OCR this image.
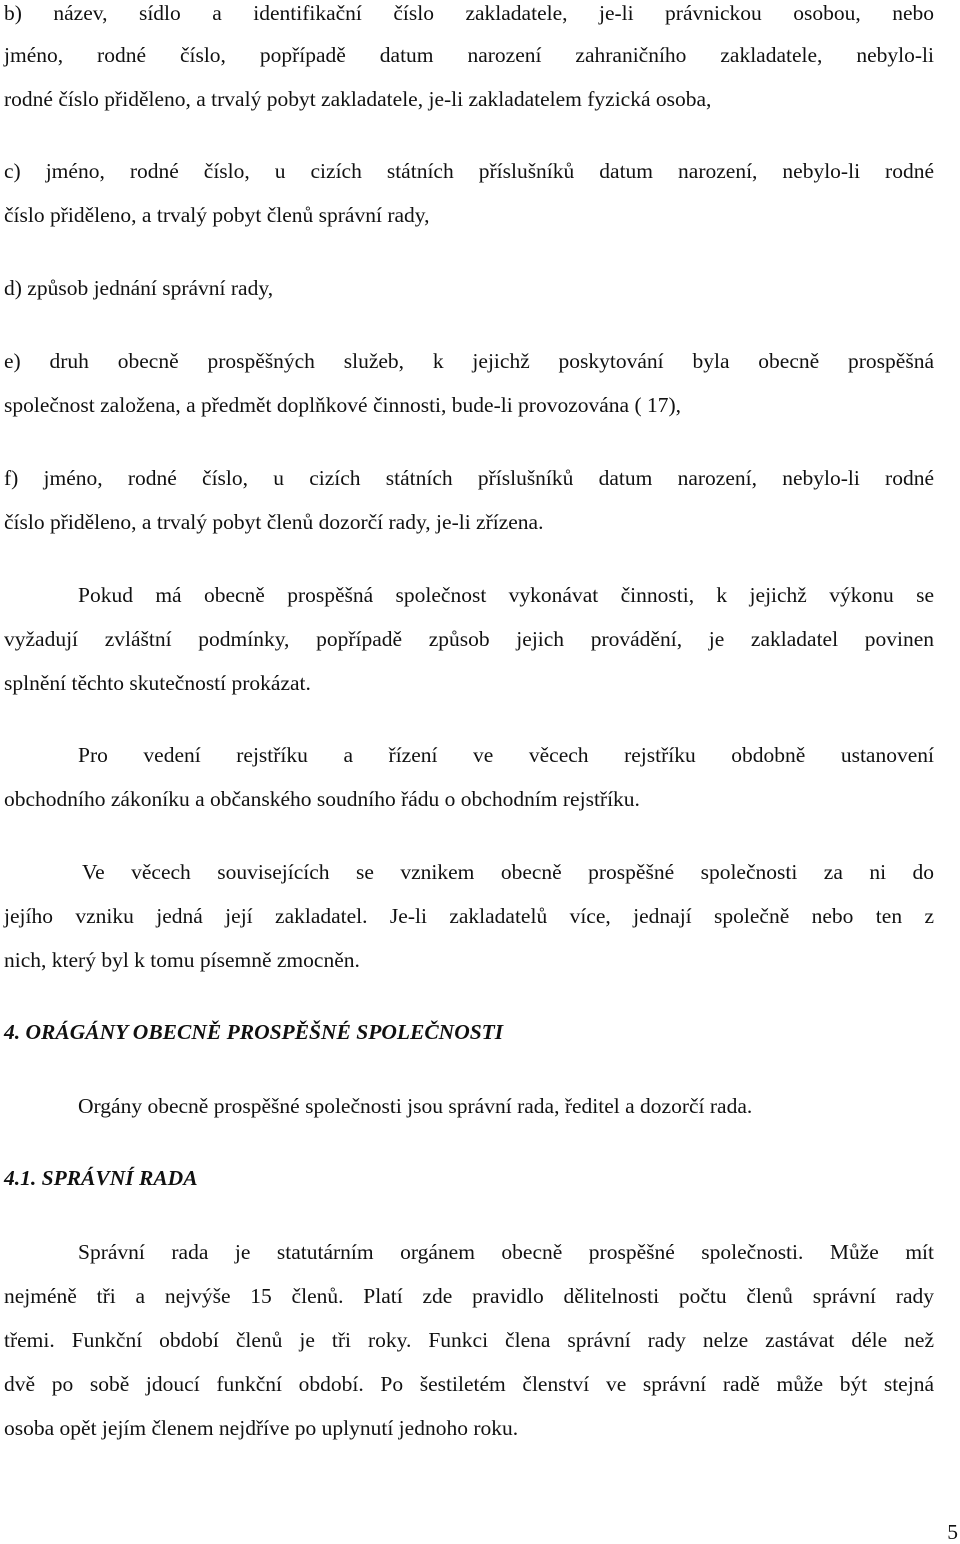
b) název, sídlo a identifikační číslo zakladatele, je-li právnickou osobou, nebo
jméno, rodné číslo, popřípadě datum narození zahraničního zakladatele, nebylo-li
rodné číslo přiděleno, a trvalý pobyt zakladatele, je-li zakladatelem fyzická osoba,
c) jméno, rodné číslo, u cizích státních příslušníků datum narození, nebylo-li rodné
číslo přiděleno, a trvalý pobyt členů správní rady,
d) způsob jednání správní rady,
e) druh obecně prospěšných služeb, k jejichž poskytování byla obecně prospěšná
společnost založena, a předmět doplňkové činnosti, bude-li provozována ( 17),
f) jméno, rodné číslo, u cizích státních příslušníků datum narození, nebylo-li rodné
číslo přiděleno, a trvalý pobyt členů dozorčí rady, je-li zřízena.
Pokud má obecně prospěšná společnost vykonávat činnosti, k jejichž výkonu se
vyžadují zvláštní podmínky, popřípadě způsob jejich provádění, je zakladatel povinen
splnění těchto skutečností prokázat.
Pro vedení rejstříku a řízení ve věcech rejstříku obdobně ustanovení
obchodního zákoníku a občanského soudního řádu o obchodním rejstříku.
Ve věcech souvisejících se vznikem obecně prospěšné společnosti za ni do
jejího vzniku jedná její zakladatel. Je-li zakladatelů více, jednají společně nebo ten z
nich, který byl k tomu písemně zmocněn.
4. ORÁGÁNY OBECNĚ PROSPĚŠNÉ SPOLEČNOSTI
Orgány obecně prospěšné společnosti jsou správní rada, ředitel a dozorčí rada.
4.1. SPRÁVNÍ RADA
Správní rada je statutárním orgánem obecně prospěšné společnosti. Může mít
nejméně tři a nejvýše 15 členů. Platí zde pravidlo dělitelnosti počtu členů správní rady
třemi. Funkční období členů je tři roky. Funkci člena správní rady nelze zastávat déle než
dvě po sobě jdoucí funkční období. Po šestiletém členství ve správní radě může být stejná
osoba opět jejím členem nejdříve po uplynutí jednoho roku.
5
